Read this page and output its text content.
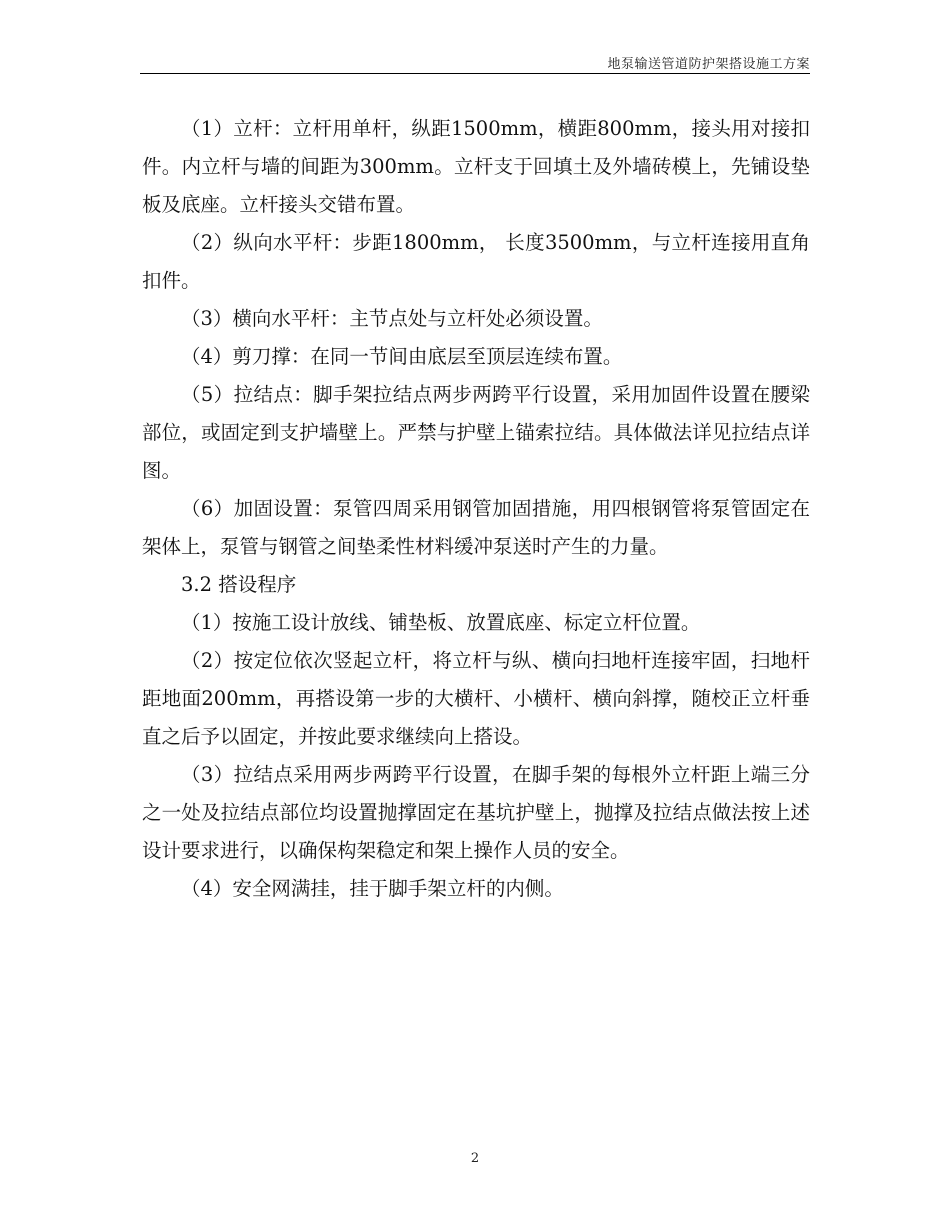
地泵输送管道防护架搭设施工方案

（1）立杆：立杆用单杆，纵距1500mm，横距800mm，接头用对接扣件。内立杆与墙的间距为300mm。立杆支于回填土及外墙砖模上，先铺设垫板及底座。立杆接头交错布置。

（2）纵向水平杆：步距1800mm， 长度3500mm，与立杆连接用直角扣件。

（3）横向水平杆：主节点处与立杆处必须设置。

（4）剪刀撑：在同一节间由底层至顶层连续布置。

（5）拉结点：脚手架拉结点两步两跨平行设置，采用加固件设置在腰梁部位，或固定到支护墙壁上。严禁与护壁上锚索拉结。具体做法详见拉结点详图。

（6）加固设置：泵管四周采用钢管加固措施，用四根钢管将泵管固定在架体上，泵管与钢管之间垫柔性材料缓冲泵送时产生的力量。

3.2 搭设程序

（1）按施工设计放线、铺垫板、放置底座、标定立杆位置。

（2）按定位依次竖起立杆，将立杆与纵、横向扫地杆连接牢固，扫地杆距地面200mm，再搭设第一步的大横杆、小横杆、横向斜撑，随校正立杆垂直之后予以固定，并按此要求继续向上搭设。

（3）拉结点采用两步两跨平行设置，在脚手架的每根外立杆距上端三分之一处及拉结点部位均设置抛撑固定在基坑护壁上，抛撑及拉结点做法按上述设计要求进行，以确保构架稳定和架上操作人员的安全。

（4）安全网满挂，挂于脚手架立杆的内侧。

2
